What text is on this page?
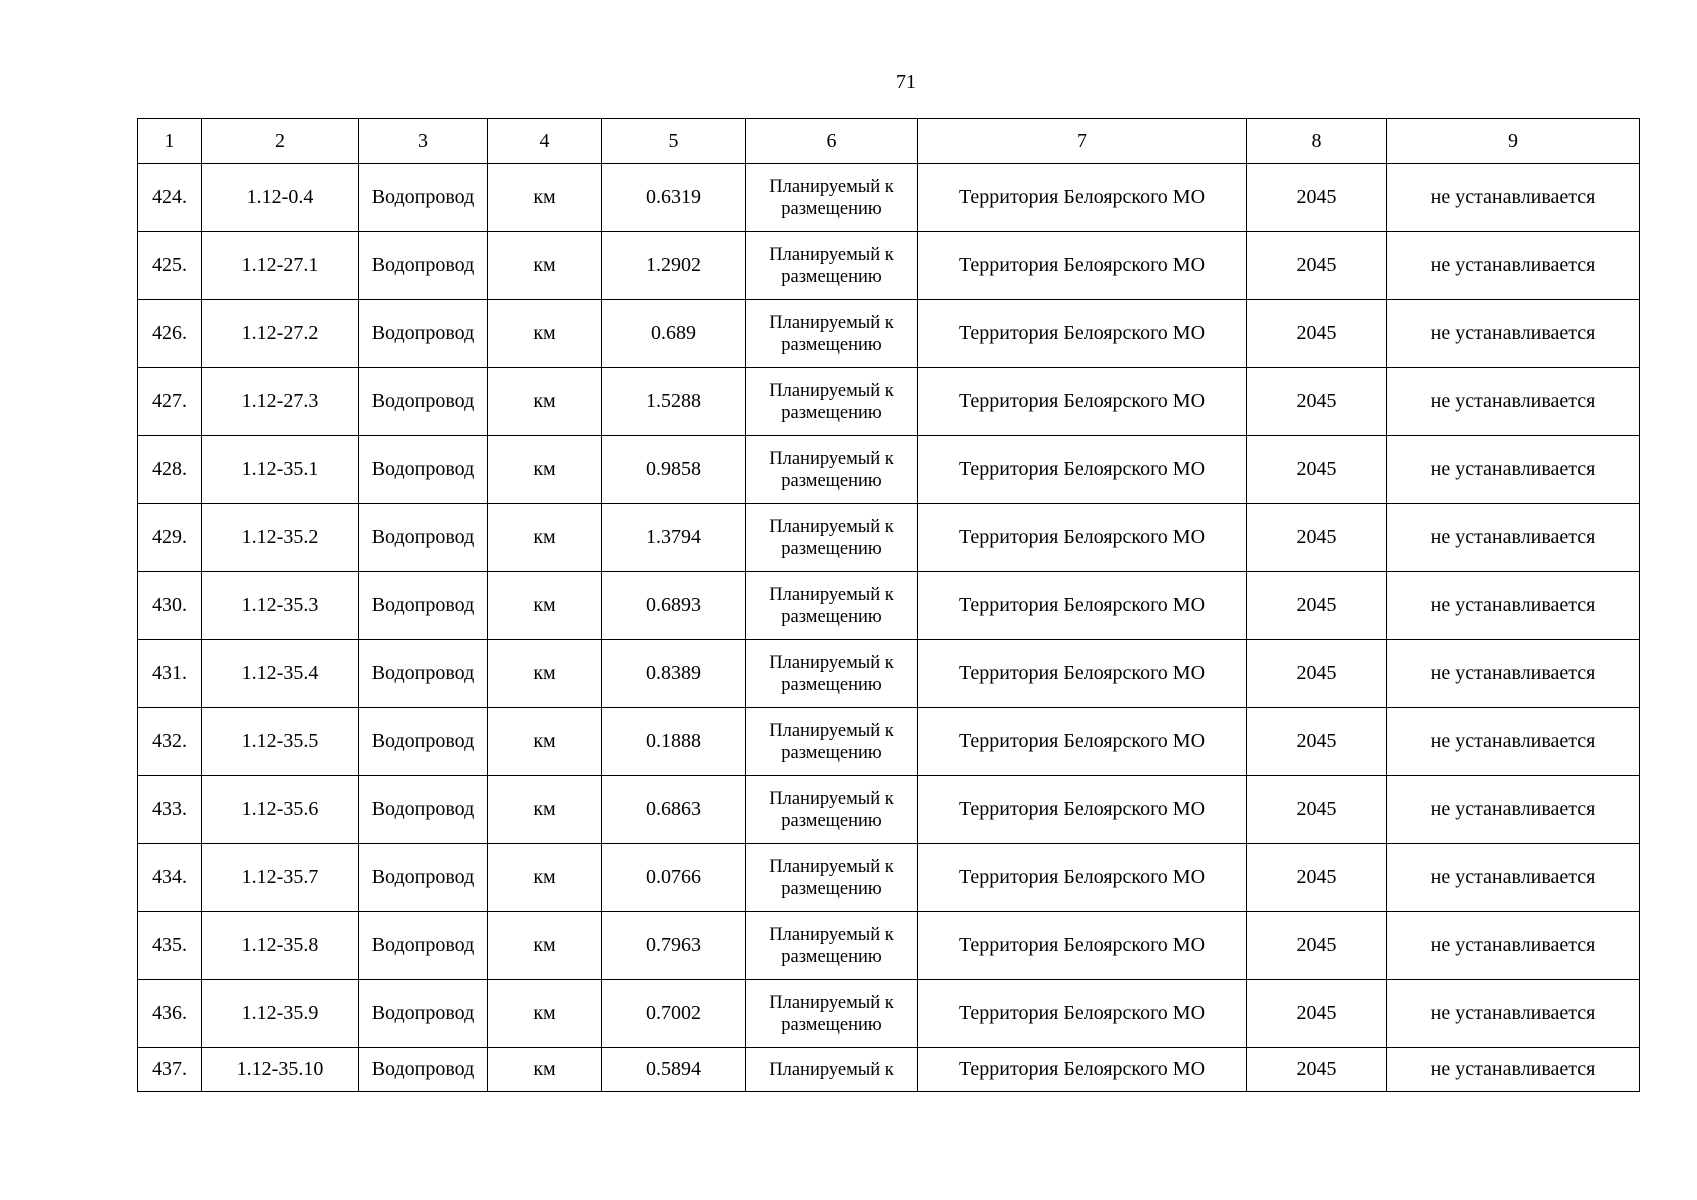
71
1	2	3	4	5	6	7	8	9
424.	1.12-0.4	Водопровод	км	0.6319	Планируемый к размещению	Территория Белоярского МО	2045	не устанавливается
425.	1.12-27.1	Водопровод	км	1.2902	Планируемый к размещению	Территория Белоярского МО	2045	не устанавливается
426.	1.12-27.2	Водопровод	км	0.689	Планируемый к размещению	Территория Белоярского МО	2045	не устанавливается
427.	1.12-27.3	Водопровод	км	1.5288	Планируемый к размещению	Территория Белоярского МО	2045	не устанавливается
428.	1.12-35.1	Водопровод	км	0.9858	Планируемый к размещению	Территория Белоярского МО	2045	не устанавливается
429.	1.12-35.2	Водопровод	км	1.3794	Планируемый к размещению	Территория Белоярского МО	2045	не устанавливается
430.	1.12-35.3	Водопровод	км	0.6893	Планируемый к размещению	Территория Белоярского МО	2045	не устанавливается
431.	1.12-35.4	Водопровод	км	0.8389	Планируемый к размещению	Территория Белоярского МО	2045	не устанавливается
432.	1.12-35.5	Водопровод	км	0.1888	Планируемый к размещению	Территория Белоярского МО	2045	не устанавливается
433.	1.12-35.6	Водопровод	км	0.6863	Планируемый к размещению	Территория Белоярского МО	2045	не устанавливается
434.	1.12-35.7	Водопровод	км	0.0766	Планируемый к размещению	Территория Белоярского МО	2045	не устанавливается
435.	1.12-35.8	Водопровод	км	0.7963	Планируемый к размещению	Территория Белоярского МО	2045	не устанавливается
436.	1.12-35.9	Водопровод	км	0.7002	Планируемый к размещению	Территория Белоярского МО	2045	не устанавливается
437.	1.12-35.10	Водопровод	км	0.5894	Планируемый к	Территория Белоярского МО	2045	не устанавливается
